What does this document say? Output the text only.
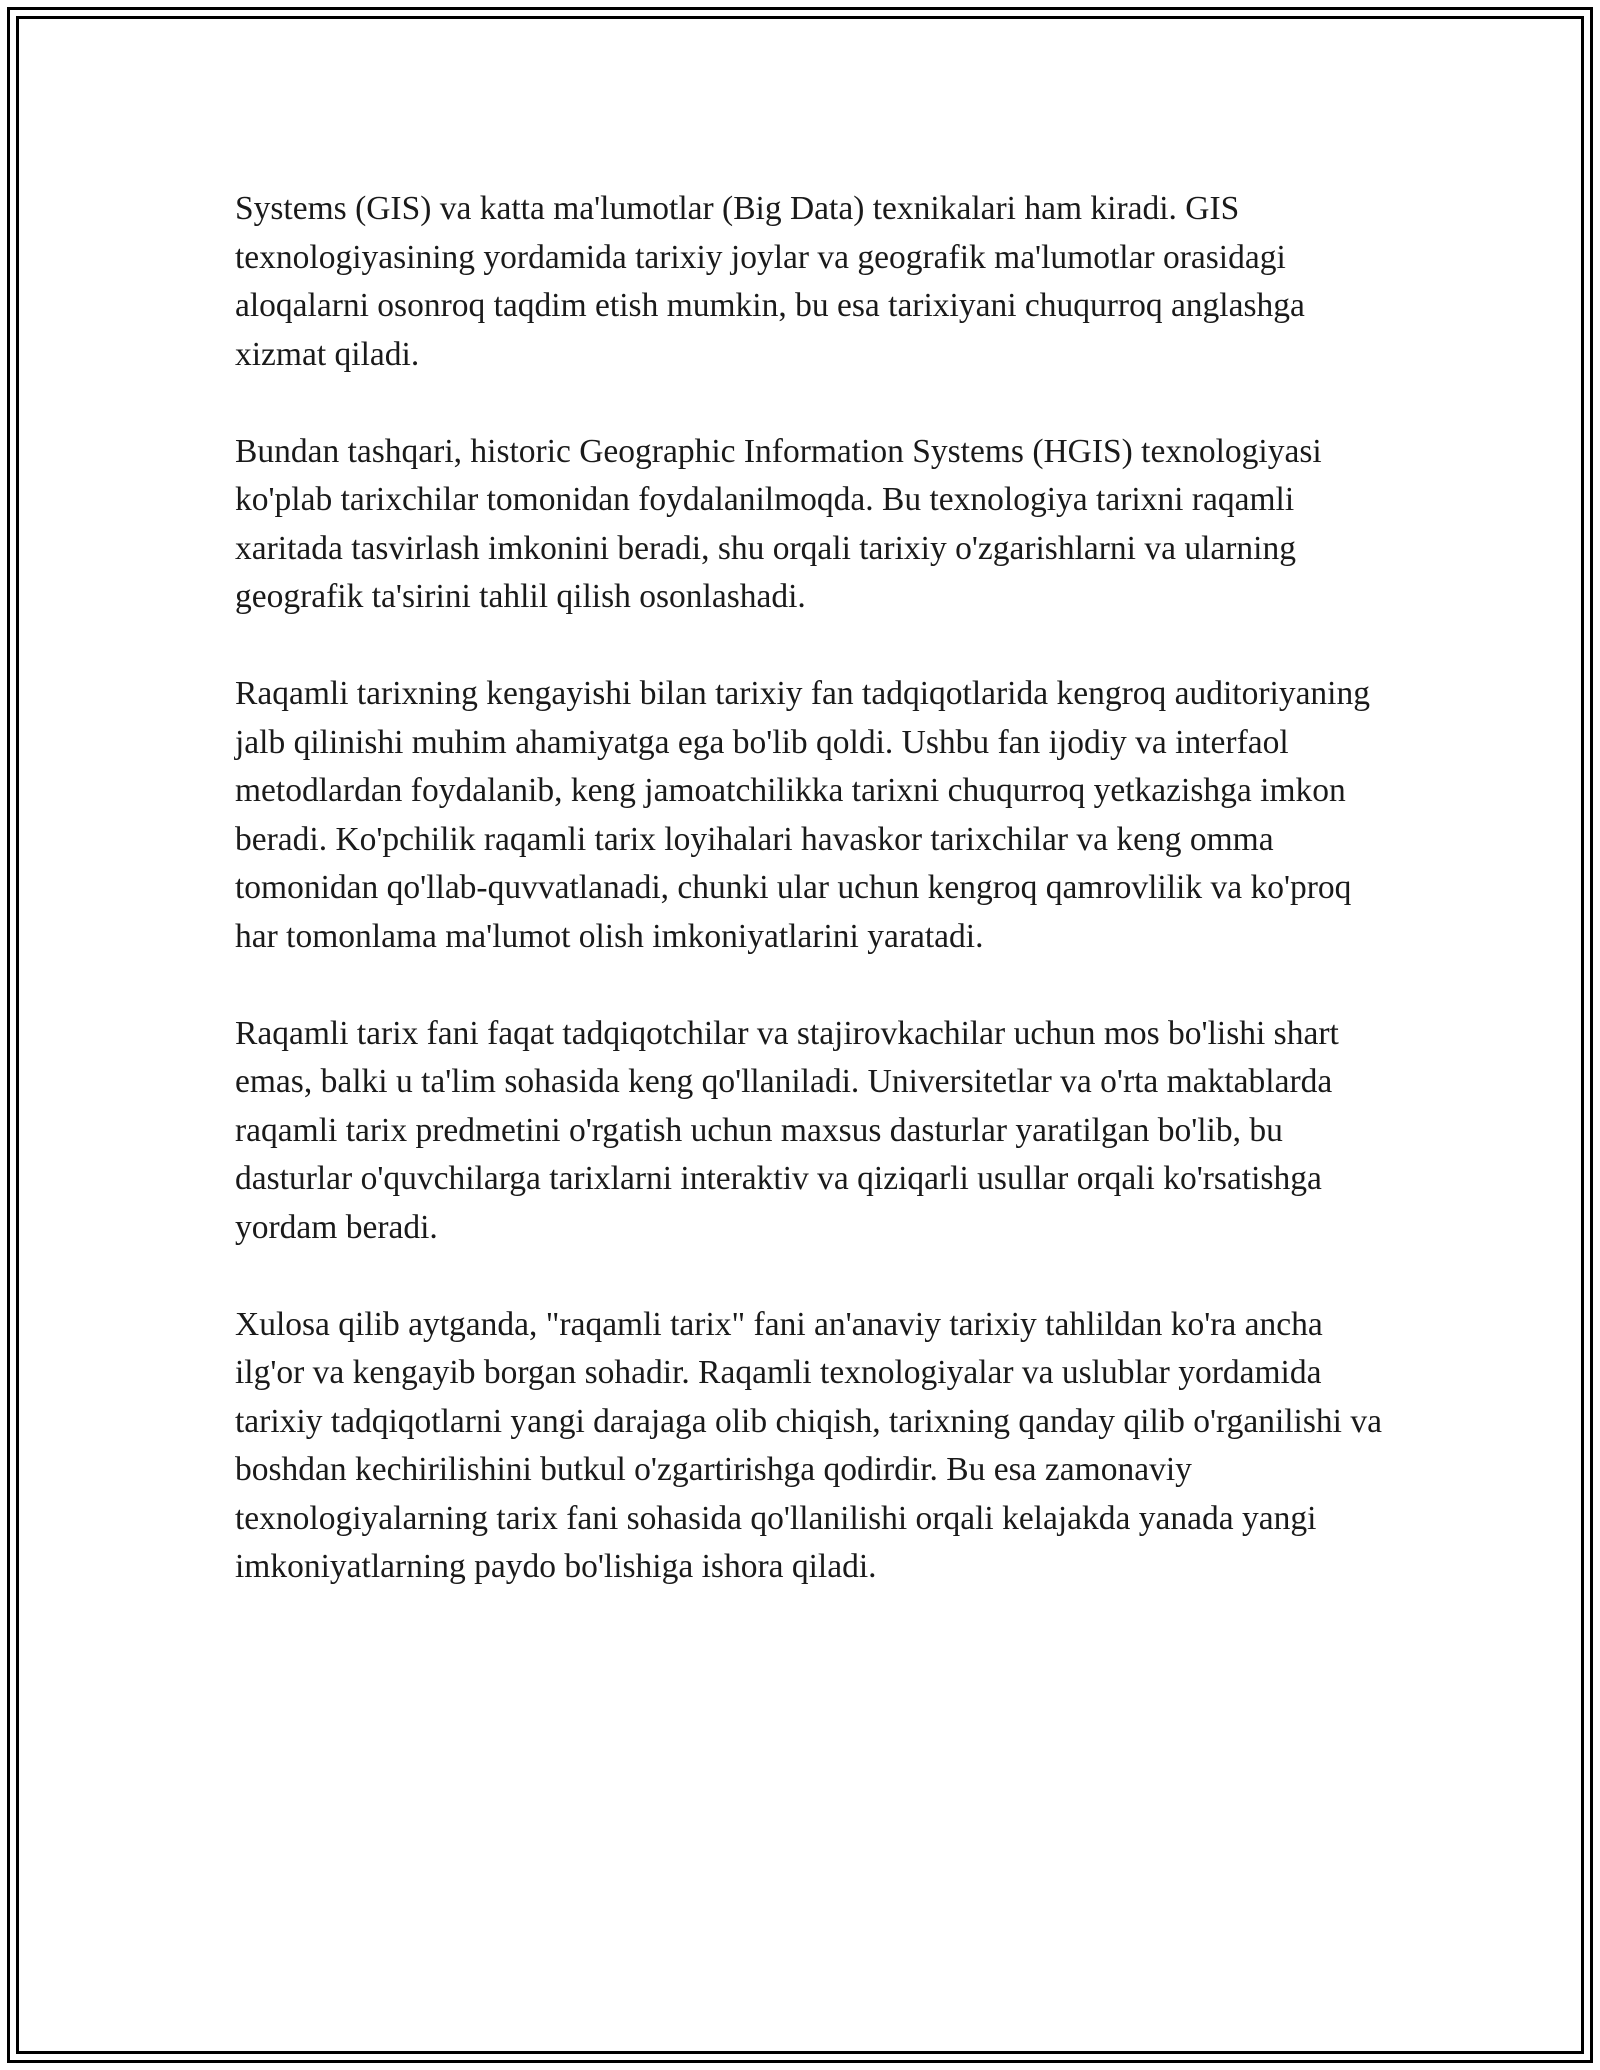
Systems (GIS) va katta ma'lumotlar (Big Data) texnikalari ham kiradi. GIS texnologiyasining yordamida tarixiy joylar va geografik ma'lumotlar orasidagi aloqalarni osonroq taqdim etish mumkin, bu esa tarixiyani chuqurroq anglashga xizmat qiladi.

Bundan tashqari, historic Geographic Information Systems (HGIS) texnologiyasi ko'plab tarixchilar tomonidan foydalanilmoqda. Bu texnologiya tarixni raqamli xaritada tasvirlash imkonini beradi, shu orqali tarixiy o'zgarishlarni va ularning geografik ta'sirini tahlil qilish osonlashadi.

Raqamli tarixning kengayishi bilan tarixiy fan tadqiqotlarida kengroq auditoriyaning jalb qilinishi muhim ahamiyatga ega bo'lib qoldi. Ushbu fan ijodiy va interfaol metodlardan foydalanib, keng jamoatchilikka tarixni chuqurroq yetkazishga imkon beradi. Ko'pchilik raqamli tarix loyihalari havaskor tarixchilar va keng omma tomonidan qo'llab-quvvatlanadi, chunki ular uchun kengroq qamrovlilik va ko'proq har tomonlama ma'lumot olish imkoniyatlarini yaratadi.

Raqamli tarix fani faqat tadqiqotchilar va stajirovkachilar uchun mos bo'lishi shart emas, balki u ta'lim sohasida keng qo'llaniladi. Universitetlar va o'rta maktablarda raqamli tarix predmetini o'rgatish uchun maxsus dasturlar yaratilgan bo'lib, bu dasturlar o'quvchilarga tarixlarni interaktiv va qiziqarli usullar orqali ko'rsatishga yordam beradi.

Xulosa qilib aytganda, "raqamli tarix" fani an'anaviy tarixiy tahlildan ko'ra ancha ilg'or va kengayib borgan sohadir. Raqamli texnologiyalar va uslublar yordamida tarixiy tadqiqotlarni yangi darajaga olib chiqish, tarixning qanday qilib o'rganilishi va boshdan kechirilishini butkul o'zgartirishga qodirdir. Bu esa zamonaviy texnologiyalarning tarix fani sohasida qo'llanilishi orqali kelajakda yanada yangi imkoniyatlarning paydo bo'lishiga ishora qiladi.
